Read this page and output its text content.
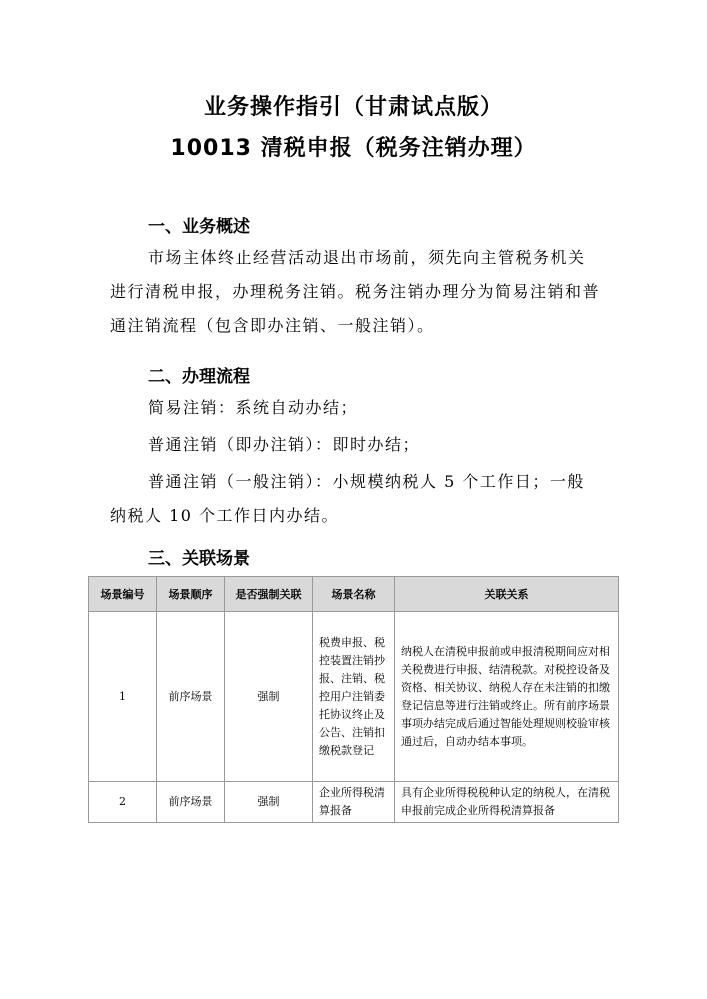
业务操作指引（甘肃试点版）
10013 清税申报（税务注销办理）
一、业务概述

市场主体终止经营活动退出市场前，须先向主管税务机关进行清税申报，办理税务注销。税务注销办理分为简易注销和普通注销流程（包含即办注销、一般注销）。

二、办理流程

简易注销：系统自动办结；

普通注销（即办注销）：即时办结；

普通注销（一般注销）：小规模纳税人 5 个工作日；一般纳税人 10 个工作日内办结。

三、关联场景
场景编号	场景顺序	是否强制关联	场景名称	关联关系
1	前序场景	强制	税费申报、税控装置注销抄报、注销、税控用户注销委托协议终止及公告、注销扣缴税款登记	纳税人在清税申报前或申报清税期间应对相关税费进行申报、结清税款。对税控设备及资格、相关协议、纳税人存在未注销的扣缴登记信息等进行注销或终止。所有前序场景事项办结完成后通过智能处理规则校验审核通过后，自动办结本事项。
2	前序场景	强制	企业所得税清算报备	具有企业所得税税种认定的纳税人，在清税申报前完成企业所得税清算报备
